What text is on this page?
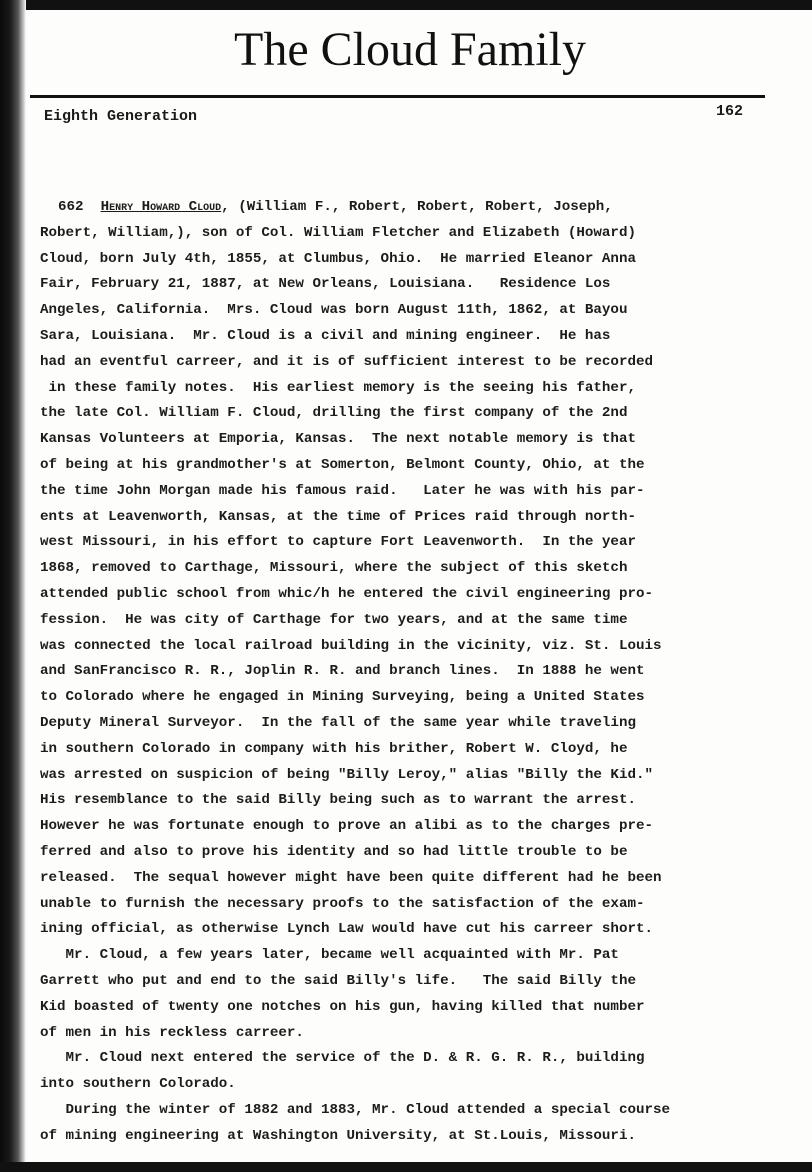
The Cloud Family
Eighth Generation	162
662 Henry Howard Cloud, (William F., Robert, Robert, Robert, Joseph,
Robert, William,), son of Col. William Fletcher and Elizabeth (Howard)
Cloud, born July 4th, 1855, at Clumbus, Ohio.  He married Eleanor Anna
Fair, February 21, 1887, at New Orleans, Louisiana.   Residence Los
Angeles, California.  Mrs. Cloud was born August 11th, 1862, at Bayou
Sara, Louisiana.  Mr. Cloud is a civil and mining engineer.  He has
had an eventful carreer, and it is of sufficient interest to be recorded
in these family notes.  His earliest memory is the seeing his father,
the late Col. William F. Cloud, drilling the first company of the 2nd
Kansas Volunteers at Emporia, Kansas.  The next notable memory is that
of being at his grandmother's at Somerton, Belmont County, Ohio, at the
the time John Morgan made his famous raid.   Later he was with his par-
ents at Leavenworth, Kansas, at the time of Prices raid through north-
west Missouri, in his effort to capture Fort Leavenworth.  In the year
1868, removed to Carthage, Missouri, where the subject of this sketch
attended public school from whic/h he entered the civil engineering pro-
fession.  He was city of Carthage for two years, and at the same time
was connected the local railroad building in the vicinity, viz. St. Louis
and SanFrancisco R. R., Joplin R. R. and branch lines.  In 1888 he went
to Colorado where he engaged in Mining Surveying, being a United States
Deputy Mineral Surveyor.  In the fall of the same year while traveling
in southern Colorado in company with his brither, Robert W. Cloyd, he
was arrested on suspicion of being "Billy Leroy," alias "Billy the Kid."
His resemblance to the said Billy being such as to warrant the arrest.
However he was fortunate enough to prove an alibi as to the charges pre-
ferred and also to prove his identity and so had little trouble to be
released.  The sequal however might have been quite different had he been
unable to furnish the necessary proofs to the satisfaction of the exam-
ining official, as otherwise Lynch Law would have cut his carreer short.
Mr. Cloud, a few years later, became well acquainted with Mr. Pat
Garrett who put and end to the said Billy's life.   The said Billy the
Kid boasted of twenty one notches on his gun, having killed that number
of men in his reckless carreer.
Mr. Cloud next entered the service of the D. & R. G. R. R., building
into southern Colorado.
During the winter of 1882 and 1883, Mr. Cloud attended a special course
of mining engineering at Washington University, at St.Louis, Missouri.
